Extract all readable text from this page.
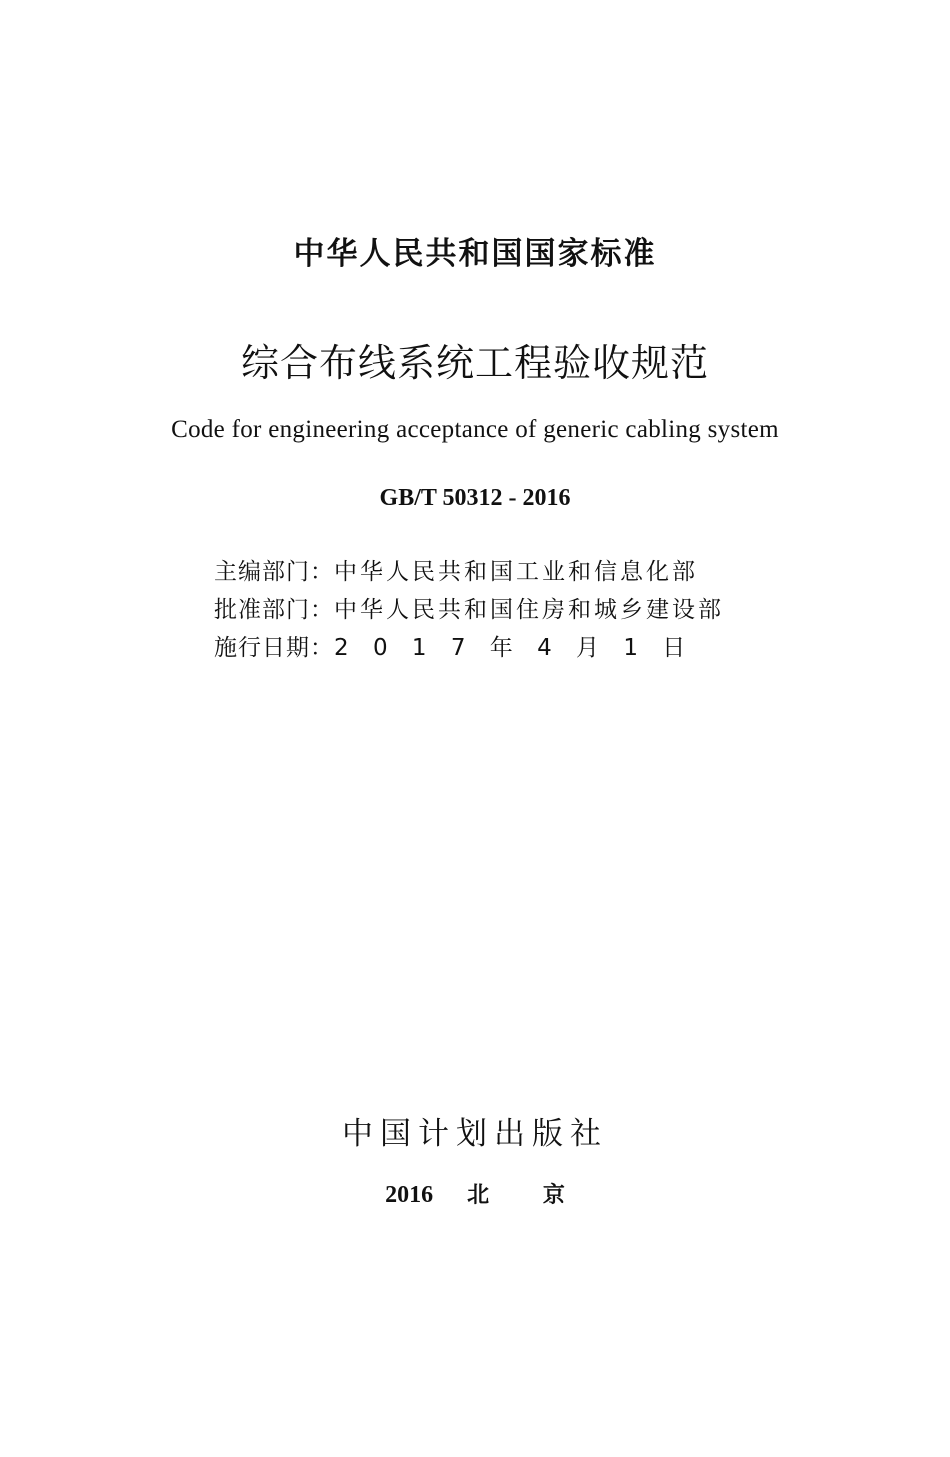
中华人民共和国国家标准
综合布线系统工程验收规范
Code for engineering acceptance of generic cabling system
GB/T 50312 - 2016
主编部门： 中华人民共和国工业和信息化部
批准部门： 中华人民共和国住房和城乡建设部
施行日期： 2 0 1 7 年 4 月 1 日
中国计划出版社
2016 北 京
